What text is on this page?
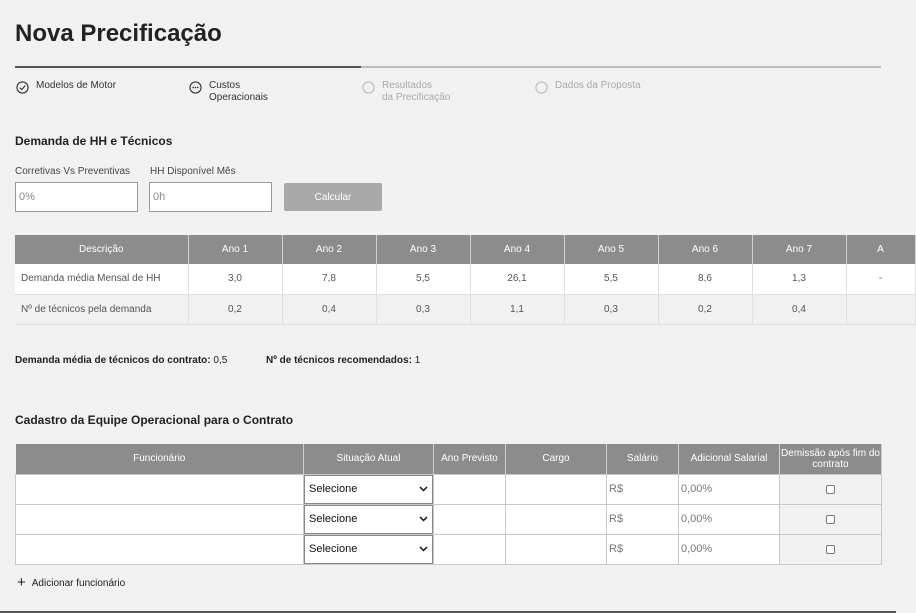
Nova Precificação
Modelos de Motor	Custos
Operacionais
Resultados
da Precificação
Dados da Proposta
Demanda de HH e Técnicos
Corretivas Vs Preventivas
0% HH Disponível Mês
0h
Calcular
Descrição	Ano 1	Ano 2	Ano 3	Ano 4	Ano 5	Ano 6	Ano 7	A
Demanda média Mensal de HH	3,0	7,8	5,5	26,1	5,5	8,6	1,3	-
Nº de técnicos pela demanda	0,2	0,4	0,3	1,1	0,3	0,2	0,4	
Demanda média de técnicos do contrato: 0,5	Nº de técnicos recomendados: 1
Cadastro da Equipe Operacional para o Contrato
Funcionário	Situação Atual	Ano Previsto	Cargo	Salário	Adicional Salarial	Demissão após fim do contrato

	Selecione			R$	0,00%	

	Selecione			R$	0,00%	

	Selecione			R$	0,00%	

+ Adicionar funcionário
